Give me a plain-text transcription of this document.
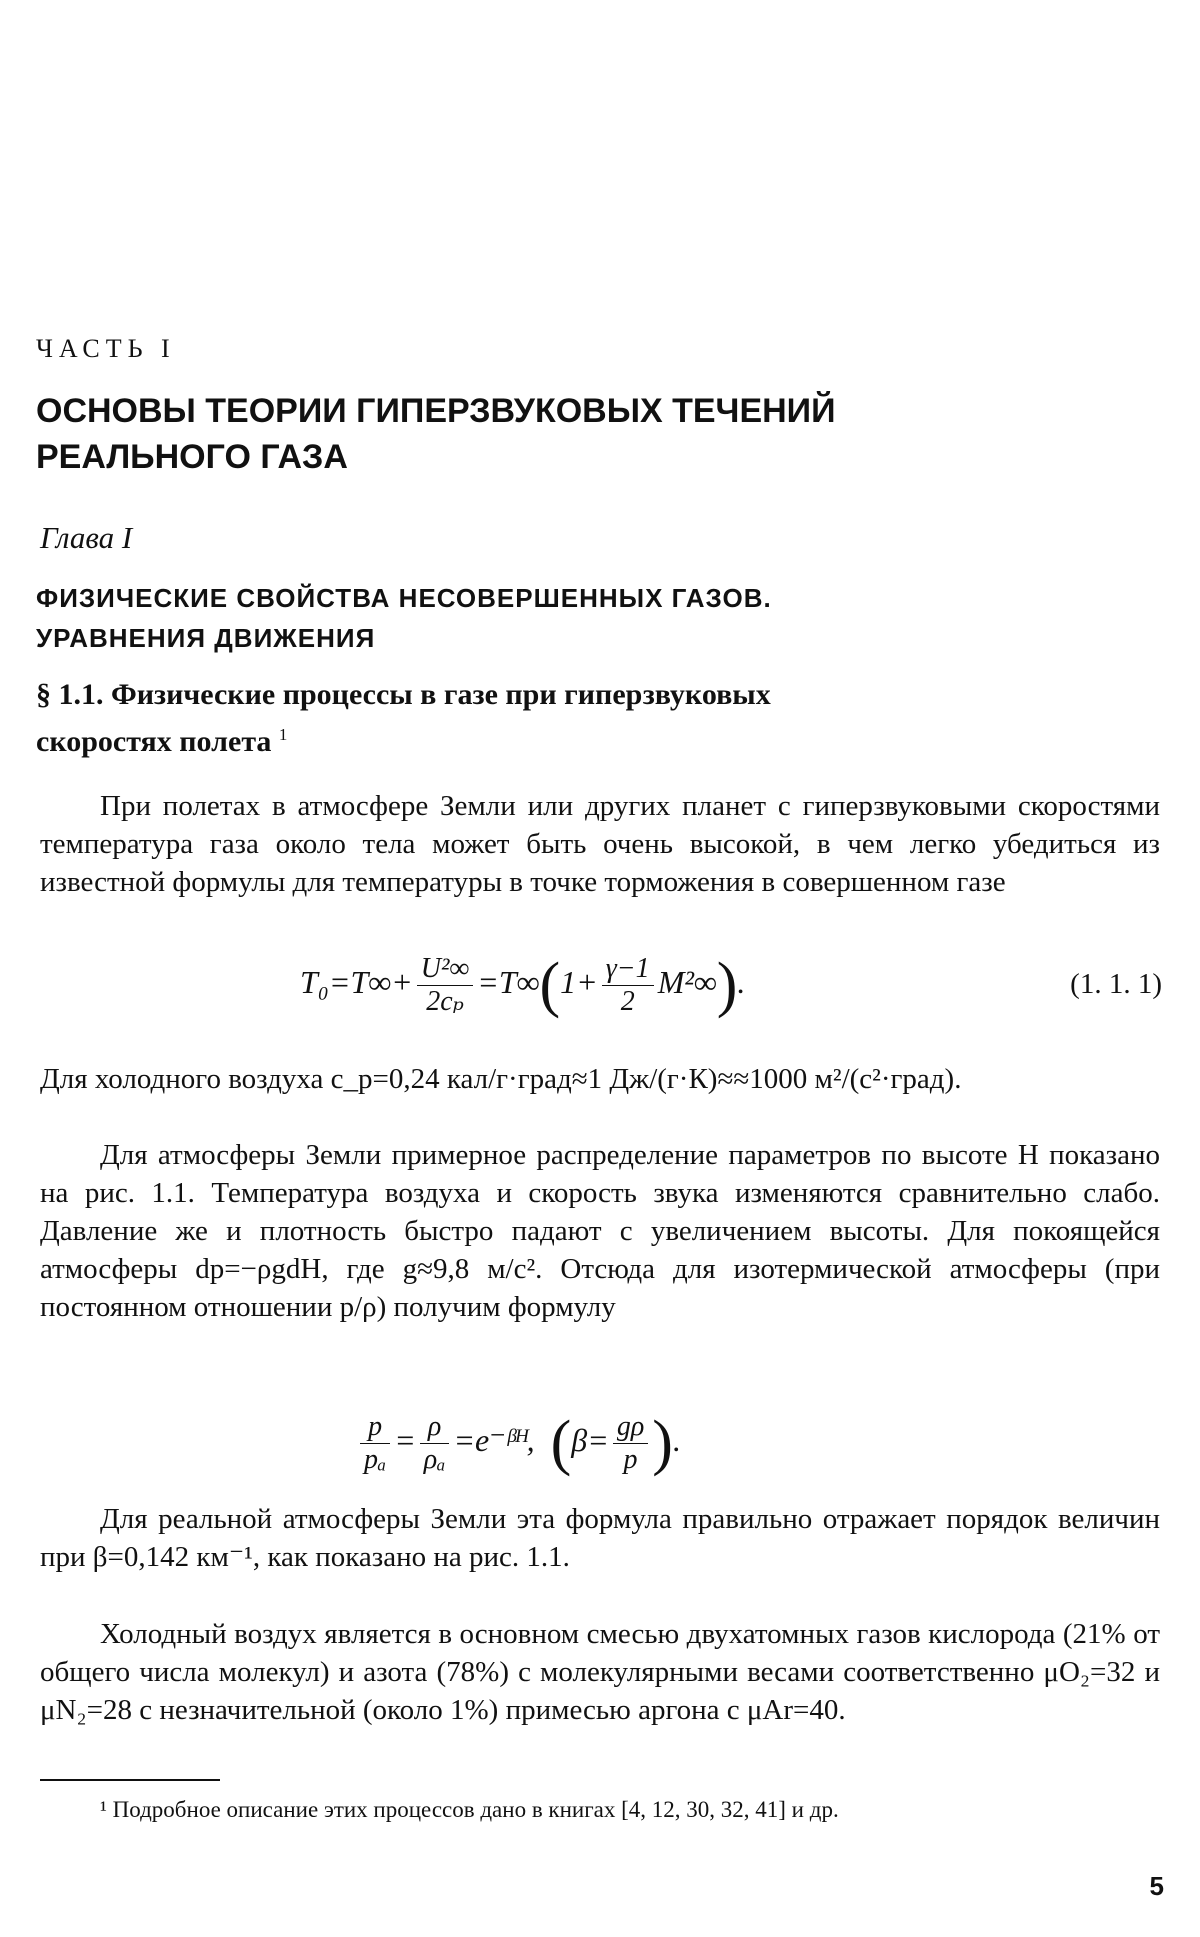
ЧАСТЬ I
ОСНОВЫ ТЕОРИИ ГИПЕРЗВУКОВЫХ ТЕЧЕНИЙ
РЕАЛЬНОГО ГАЗА
Глава I
ФИЗИЧЕСКИЕ СВОЙСТВА НЕСОВЕРШЕННЫХ ГАЗОВ.
УРАВНЕНИЯ ДВИЖЕНИЯ
§ 1.1. Физические процессы в газе при гиперзвуковых
скоростях полета $^1$
При полетах в атмосфере Земли или других планет с гиперзвуковыми скоростями температура газа около тела может быть очень высокой, в чем легко убедиться из известной формулы для температуры в точке торможения в совершенном газе
$T_0=T\infty+ \frac{\text{U²∞}}{\text{2cₚ}} =T\infty(1+ \frac{\gamma-1}{2} M^2\infty)$.	(1. 1. 1)
Для холодного воздуха c_p=0,24 кал/г·град≈1 Дж/(г·К)≈≈1000 м²/(с²·град).
Для атмосферы Земли примерное распределение параметров по высоте H показано на рис. 1.1. Температура воздуха и скорость звука изменяются сравнительно слабо. Давление же и плотность быстро падают с увеличением высоты. Для покоящейся атмосферы dp=−ρgdH, где g≈9,8 м/с². Отсюда для изотермической атмосферы (при постоянном отношении p/ρ) получим формулу
$\frac{p}{\text{pₐ}} = \frac{\rho}{\text{ρₐ}}$ =e⁻ᵝᴴ, ($\beta= \frac{g\rho}{p}$ ).
Для реальной атмосферы Земли эта формула правильно отражает порядок величин при β=0,142 км⁻¹, как показано на рис. 1.1.
Холодный воздух является в основном смесью двухатомных газов кислорода (21% от общего числа молекул) и азота (78%) с молекулярными весами соответственно μO₂=32 и μN₂=28 с незначительной (около 1%) примесью аргона с μAr=40.
¹ Подробное описание этих процессов дано в книгах [4, 12, 30, 32, 41] и др.
5
